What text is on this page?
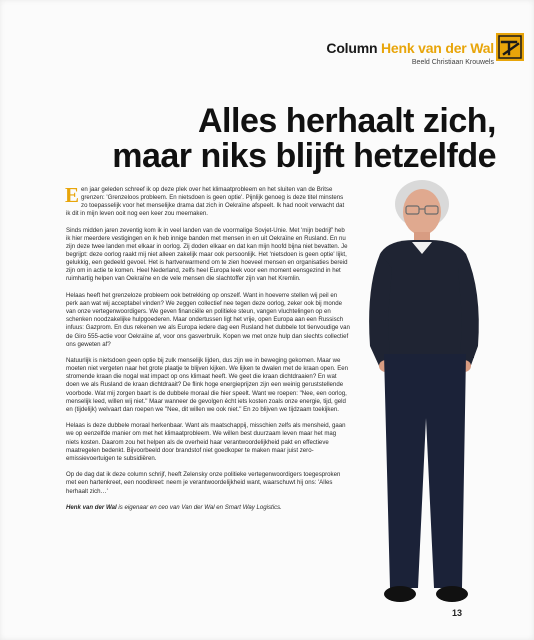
Column Henk van der Wal
Beeld Christiaan Krouwels
Alles herhaalt zich,
maar niks blijft hetzelfde

Een jaar geleden schreef ik op deze plek over het klimaatprobleem en het sluiten van de Britse grenzen: 'Grenzeloos probleem. En nietsdoen is geen optie'. Pijnlijk genoeg is deze titel minstens zo toepasselijk voor het menselijke drama dat zich in Oekraïne afspeelt. Ik had nooit verwacht dat ik dit in mijn leven ooit nog een keer zou meemaken.

Sinds midden jaren zeventig kom ik in veel landen van de voormalige Sovjet-Unie. Met 'mijn bedrijf' heb ik hier meerdere vestigingen en ik heb innige banden met mensen in en uit Oekraïne en Rusland. En nu zijn deze twee landen met elkaar in oorlog. Zij doden elkaar en dat kan mijn hoofd bijna niet bevatten. Je begrijpt: deze oorlog raakt mij niet alleen zakelijk maar ook persoonlijk. Het 'nietsdoen is geen optie' lijkt, gelukkig, een gedeeld gevoel. Het is hartverwarmend om te zien hoeveel mensen en organisaties bereid zijn om in actie te komen. Heel Nederland, zelfs heel Europa leek voor een moment eensgezind in het ruimhartig helpen van Oekraïne en de vele mensen die slachtoffer zijn van het Kremlin.

Helaas heeft het grenzeloze probleem ook betrekking op onszelf. Want in hoeverre stellen wij peil en perk aan wat wij acceptabel vinden? We zeggen collectief nee tegen deze oorlog, zeker ook bij monde van onze vertegenwoordigers. We geven financiële en politieke steun, vangen vluchtelingen op en schenken noodzakelijke hulpgoederen. Maar ondertussen ligt het vrije, open Europa aan een Russisch infuus: Gazprom. En dus rekenen we als Europa iedere dag een Rusland het dubbele tot tienvoudige van de Giro 555-actie voor Oekraïne af, voor ons gasverbruik. Kopen we met onze hulp dan slechts collectief ons geweten af?

Natuurlijk is nietsdoen geen optie bij zulk menselijk lijden, dus zijn we in beweging gekomen. Maar we moeten niet vergeten naar het grote plaatje te blijven kijken. We lijken te dwalen met de kraan open. Een stromende kraan die nogal wat impact op ons klimaat heeft. We geet die kraan dichtdraaien? En wat doen we als Rusland de kraan dichtdraait? De flink hoge energieprijzen zijn een weinig geruststellende voorbode. Wat mij zorgen baart is de dubbele moraal die hier speelt. Want we roepen: "Nee, een oorlog, menselijk leed, willen wij niet." Maar wanneer de gevolgen écht iets kosten zoals onze energie, tijd, geld en (tijdelijk) welvaart dan roepen we "Nee, dit willen we ook niet." En zo blijven we tijdzaam toekijken.

Helaas is deze dubbele moraal herkenbaar. Want als maatschappij, misschien zelfs als mensheid, gaan we op eenzelfde manier om met het klimaatprobleem. We willen best duurzaam leven maar het mag niets kosten. Daarom zou het helpen als de overheid haar verantwoordelijkheid pakt en effectieve maatregelen bedenkt. Bijvoorbeeld door brandstof niet goedkoper te maken maar juist zero-emissievoertuigen te subsidiëren.

Op de dag dat ik deze column schrijf, heeft Zelensky onze politieke vertegenwoordigers toegesproken met een hartenkreet, een noodkreet: neem je verantwoordelijkheid want, waarschuwt hij ons: 'Alles herhaalt zich…'

Henk van der Wal is eigenaar en ceo van Van der Wal en Smart Way Logistics.

13
